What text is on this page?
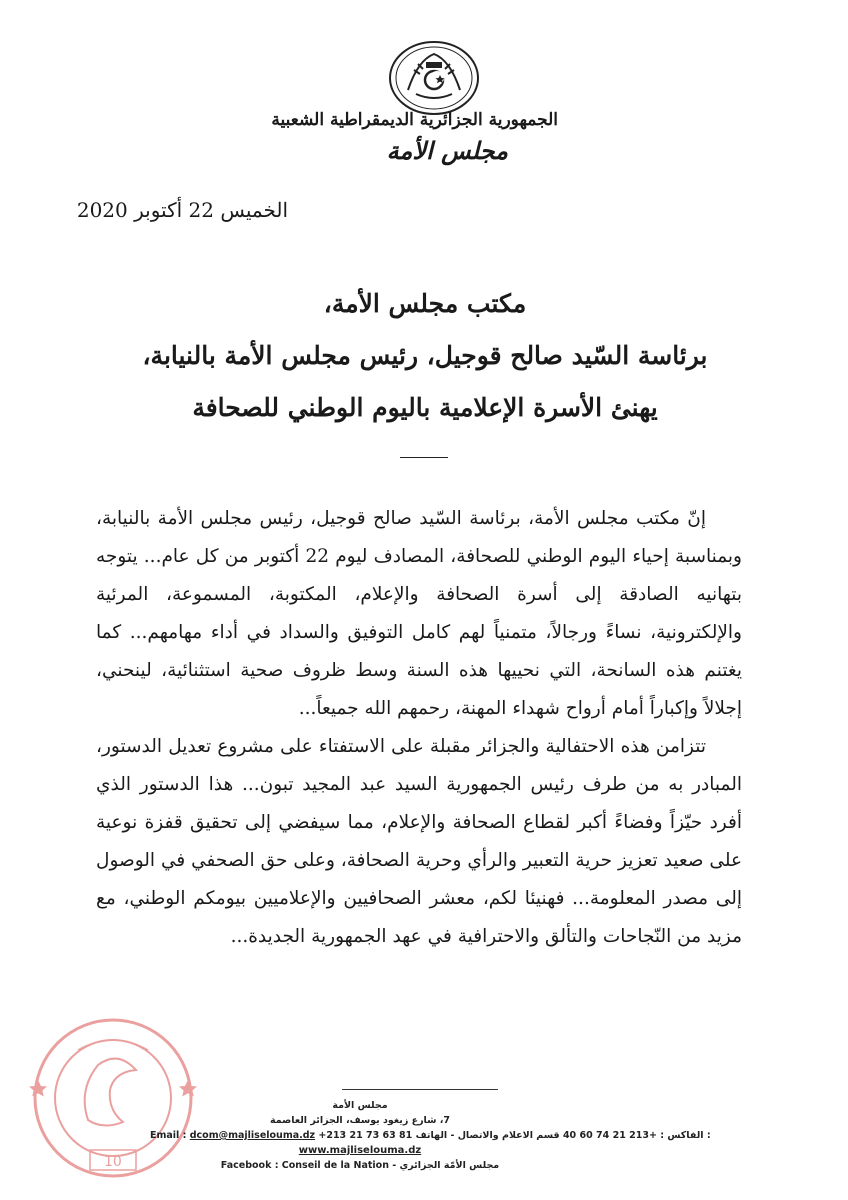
الجمهورية الجزائرية الديمقراطية الشعبية
مجلس الأمة
الخميس 22 أكتوبر 2020
مكتب مجلس الأمة،
برئاسة السّيد صالح قوجيل، رئيس مجلس الأمة بالنيابة،
يهنئ الأسرة الإعلامية باليوم الوطني للصحافة

إنّ مكتب مجلس الأمة، برئاسة السّيد صالح قوجيل، رئيس مجلس الأمة بالنيابة، وبمناسبة إحياء اليوم الوطني للصحافة، المصادف ليوم 22 أكتوبر من كل عام... يتوجه بتهانيه الصادقة إلى أسرة الصحافة والإعلام، المكتوبة، المسموعة، المرئية والإلكترونية، نساءً ورجالاً، متمنياً لهم كامل التوفيق والسداد في أداء مهامهم... كما يغتنم هذه السانحة، التي نحييها هذه السنة وسط ظروف صحية استثنائية، لينحني، إجلالاً وإكباراً أمام أرواح شهداء المهنة، رحمهم الله جميعاً...

تتزامن هذه الاحتفالية والجزائر مقبلة على الاستفتاء على مشروع تعديل الدستور، المبادر به من طرف رئيس الجمهورية السيد عبد المجيد تبون... هذا الدستور الذي أفرد حيّزاً وفضاءً أكبر لقطاع الصحافة والإعلام، مما سيفضي إلى تحقيق قفزة نوعية على صعيد تعزيز حرية التعبير والرأي وحرية الصحافة، وعلى حق الصحفي في الوصول إلى مصدر المعلومة... فهنيئا لكم، معشر الصحافيين والإعلاميين بيومكم الوطني، مع مزيد من النّجاحات والتألق والاحترافية في عهد الجمهورية الجديدة...

10
مجلس الأمة
7، شارع زيغود يوسف، الجزائر العاصمة
Email : dcom@majliselouma.dz +213 21 73 63 81	الفاكس : +213 21 74 60 40 قسم الاعلام والاتصال - الهاتف :
www.majliselouma.dz
Facebook : Conseil de la Nation - مجلس الأمّة الجزائري
